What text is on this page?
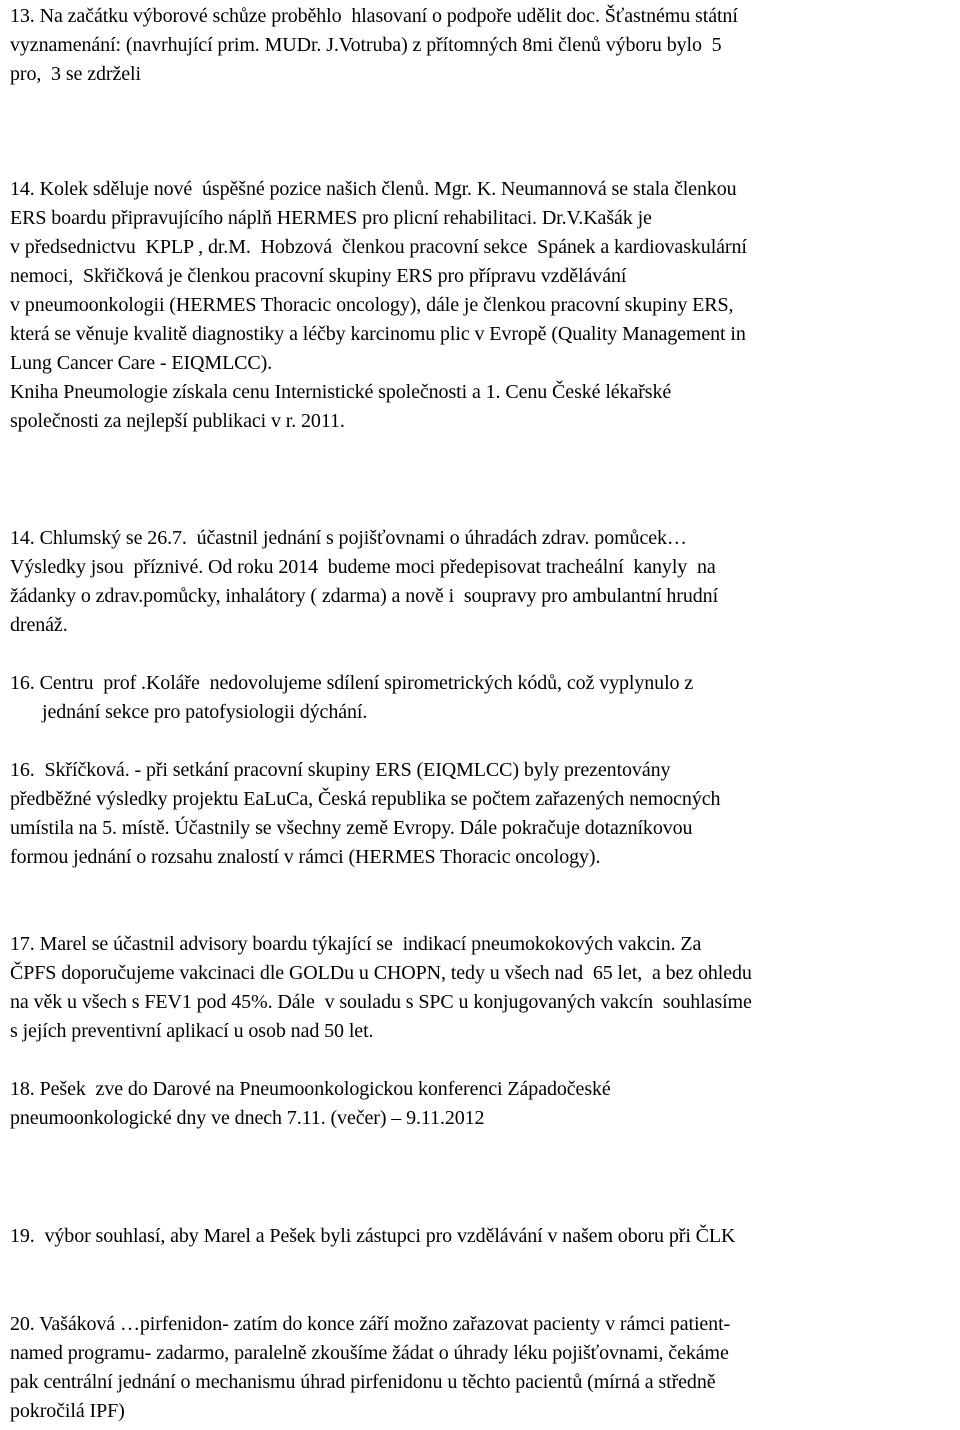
13. Na začátku výborové schůze proběhlo  hlasovaní o podpoře udělit doc. Šťastnému státní
vyznamenání: (navrhující prim. MUDr. J.Votruba) z přítomných 8mi členů výboru bylo  5
pro,  3 se zdrželi
14. Kolek sděluje nové  úspěšné pozice našich členů. Mgr. K. Neumannová se stala členkou
ERS boardu připravujícího náplň HERMES pro plicní rehabilitaci. Dr.V.Kašák je
v předsednictvu  KPLP , dr.M.  Hobzová  členkou pracovní sekce  Spánek a kardiovaskulární
nemoci,  Skřičková je členkou pracovní skupiny ERS pro přípravu vzdělávání
v pneumoonkologii (HERMES Thoracic oncology), dále je členkou pracovní skupiny ERS,
která se věnuje kvalitě diagnostiky a léčby karcinomu plic v Evropě (Quality Management in
Lung Cancer Care - EIQMLCC).
Kniha Pneumologie získala cenu Internistické společnosti a 1. Cenu České lékařské
společnosti za nejlepší publikaci v r. 2011.
14. Chlumský se 26.7.  účastnil jednání s pojišťovnami o úhradách zdrav. pomůcek…
Výsledky jsou  příznivé. Od roku 2014  budeme moci předepisovat tracheální  kanyly  na
žádanky o zdrav.pomůcky, inhalátory ( zdarma) a nově i  soupravy pro ambulantní hrudní
drenáž.
16. Centru  prof .Koláře  nedovolujeme sdílení spirometrických kódů, což vyplynulo z
jednání sekce pro patofysiologii dýchání.
16.  Skříčková. - při setkání pracovní skupiny ERS (EIQMLCC) byly prezentovány
předběžné výsledky projektu EaLuCa, Česká republika se počtem zařazených nemocných
umístila na 5. místě. Účastnily se všechny země Evropy. Dále pokračuje dotazníkovou
formou jednání o rozsahu znalostí v rámci (HERMES Thoracic oncology).
17. Marel se účastnil advisory boardu týkající se  indikací pneumokokových vakcin. Za
ČPFS doporučujeme vakcinaci dle GOLDu u CHOPN, tedy u všech nad  65 let,  a bez ohledu
na věk u všech s FEV1 pod 45%. Dále  v souladu s SPC u konjugovaných vakcín  souhlasíme
s jejích preventivní aplikací u osob nad 50 let.
18. Pešek  zve do Darové na Pneumoonkologickou konferenci Západočeské
pneumoonkologické dny ve dnech 7.11. (večer) – 9.11.2012
19.  výbor souhlasí, aby Marel a Pešek byli zástupci pro vzdělávání v našem oboru při ČLK
20. Vašáková …pirfenidon- zatím do konce září možno zařazovat pacienty v rámci patient-
named programu- zadarmo, paralelně zkoušíme žádat o úhrady léku pojišťovnami, čekáme
pak centrální jednání o mechanismu úhrad pirfenidonu u těchto pacientů (mírná a středně
pokročilá IPF)
